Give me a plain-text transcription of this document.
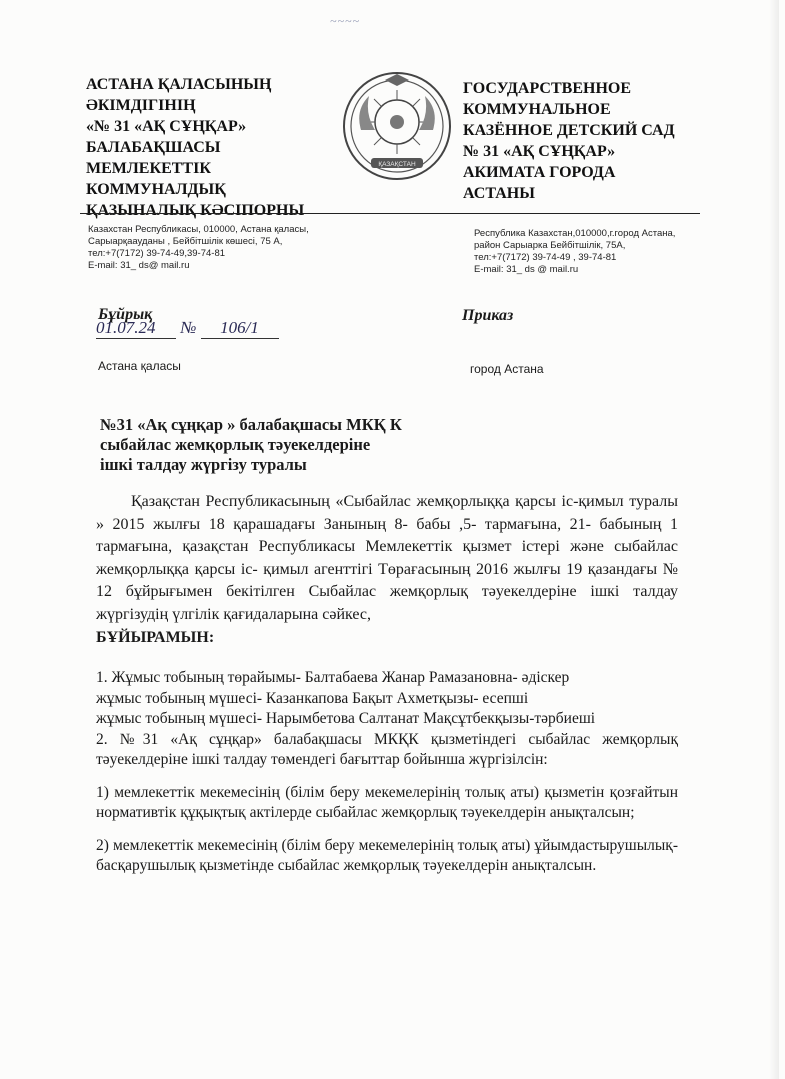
~~~~
АСТАНА ҚАЛАСЫНЫҢ
ӘКІМДІГІНІҢ
«№ 31 «АҚ СҰҢҚАР»
БАЛАБАҚШАСЫ
МЕМЛЕКЕТТІК
КОММУНАЛДЫҚ
ҚАЗЫНАЛЫҚ КӘСІПОРНЫ
ҚАЗАҚСТАН
ГОСУДАРСТВЕННОЕ
КОММУНАЛЬНОЕ
КАЗЁННОЕ ДЕТСКИЙ САД
№ 31 «АҚ СҰҢҚАР»
АКИМАТА ГОРОДА
АСТАНЫ
Казахстан Республикасы, 010000, Астана қаласы,
Сарыарқаауданы , Бейбітшілік көшесі, 75 А,
тел:+7(7172) 39-74-49,39-74-81
E-mail: 31_ ds@ mail.ru
Республика Казахстан,010000,г.город Астана,
район Сарыарка Бейбітшілік, 75А,
тел:+7(7172) 39-74-49 , 39-74-81
E-mail: 31_ ds @ mail.ru
Бұйрық	Приказ
01.07.24 № 106/1
Астана қаласы	город Астана
№31 «Ақ сұңқар » балабақшасы МКҚ К
сыбайлас жемқорлық тәуекелдеріне
ішкі талдау жүргізу туралы

Қазақстан Республикасының «Сыбайлас жемқорлыққа қарсы іс-қимыл туралы » 2015 жылғы 18 қарашадағы Занының 8- бабы ,5- тармағына, 21- бабының 1 тармағына, қазақстан Республикасы Мемлекеттік қызмет істері және сыбайлас жемқорлыққа қарсы іс- қимыл агенттігі Төрағасының 2016 жылғы 19 қазандағы № 12 бұйрығымен бекітілген Сыбайлас жемқорлық тәуекелдеріне ішкі талдау жүргізудің үлгілік қағидаларына сәйкес,

БҰЙЫРАМЫН:

1. Жұмыс тобының төрайымы- Балтабаева Жанар Рамазановна- әдіскер

жұмыс тобының мүшесі- Казанкапова Бақыт Ахметқызы- есепші

жұмыс тобының мүшесі- Нарымбетова Салтанат Мақсұтбекқызы-тәрбиеші

2. №31 «Ақ сұңқар» балабақшасы МКҚК қызметіндегі сыбайлас жемқорлық тәуекелдеріне ішкі талдау төмендегі бағыттар бойынша жүргізілсін:

1) мемлекеттік мекемесінің (білім беру мекемелерінің толық аты) қызметін қозғайтын нормативтік құқықтық актілерде сыбайлас жемқорлық тәуекелдерін анықталсын;

2) мемлекеттік мекемесінің (білім беру мекемелерінің толық аты) ұйымдастырушылық- басқарушылық қызметінде сыбайлас жемқорлық тәуекелдерін анықталсын.
